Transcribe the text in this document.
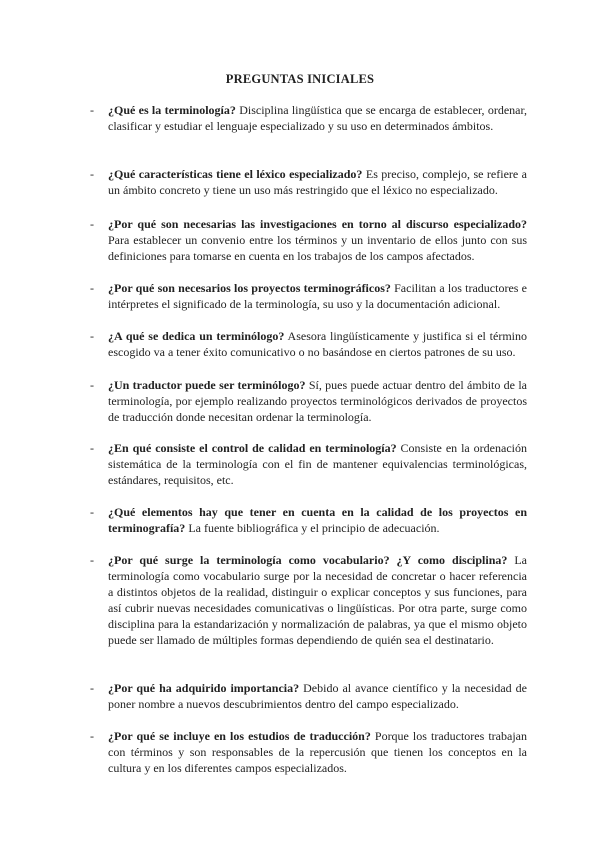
PREGUNTAS INICIALES
-	¿Qué es la terminología? Disciplina lingüística que se encarga de establecer, ordenar, clasificar y estudiar el lenguaje especializado y su uso en determinados ámbitos.
-	¿Qué características tiene el léxico especializado? Es preciso, complejo, se refiere a un ámbito concreto y tiene un uso más restringido que el léxico no especializado.
-	¿Por qué son necesarias las investigaciones en torno al discurso especializado? Para establecer un convenio entre los términos y un inventario de ellos junto con sus definiciones para tomarse en cuenta en los trabajos de los campos afectados.
-	¿Por qué son necesarios los proyectos terminográficos? Facilitan a los traductores e intérpretes el significado de la terminología, su uso y la documentación adicional.
-	¿A qué se dedica un terminólogo? Asesora lingüísticamente y justifica si el término escogido va a tener éxito comunicativo o no basándose en ciertos patrones de su uso.
-	¿Un traductor puede ser terminólogo? Sí, pues puede actuar dentro del ámbito de la terminología, por ejemplo realizando proyectos terminológicos derivados de proyectos de traducción donde necesitan ordenar la terminología.
-	¿En qué consiste el control de calidad en terminología? Consiste en la ordenación sistemática de la terminología con el fin de mantener equivalencias terminológicas, estándares, requisitos, etc.
-	¿Qué elementos hay que tener en cuenta en la calidad de los proyectos en terminografía? La fuente bibliográfica y el principio de adecuación.
-	¿Por qué surge la terminología como vocabulario? ¿Y como disciplina? La terminología como vocabulario surge por la necesidad de concretar o hacer referencia a distintos objetos de la realidad, distinguir o explicar conceptos y sus funciones, para así cubrir nuevas necesidades comunicativas o lingüísticas. Por otra parte, surge como disciplina para la estandarización y normalización de palabras, ya que el mismo objeto puede ser llamado de múltiples formas dependiendo de quién sea el destinatario.
-	¿Por qué ha adquirido importancia? Debido al avance científico y la necesidad de poner nombre a nuevos descubrimientos dentro del campo especializado.
-	¿Por qué se incluye en los estudios de traducción? Porque los traductores trabajan con términos y son responsables de la repercusión que tienen los conceptos en la cultura y en los diferentes campos especializados.
